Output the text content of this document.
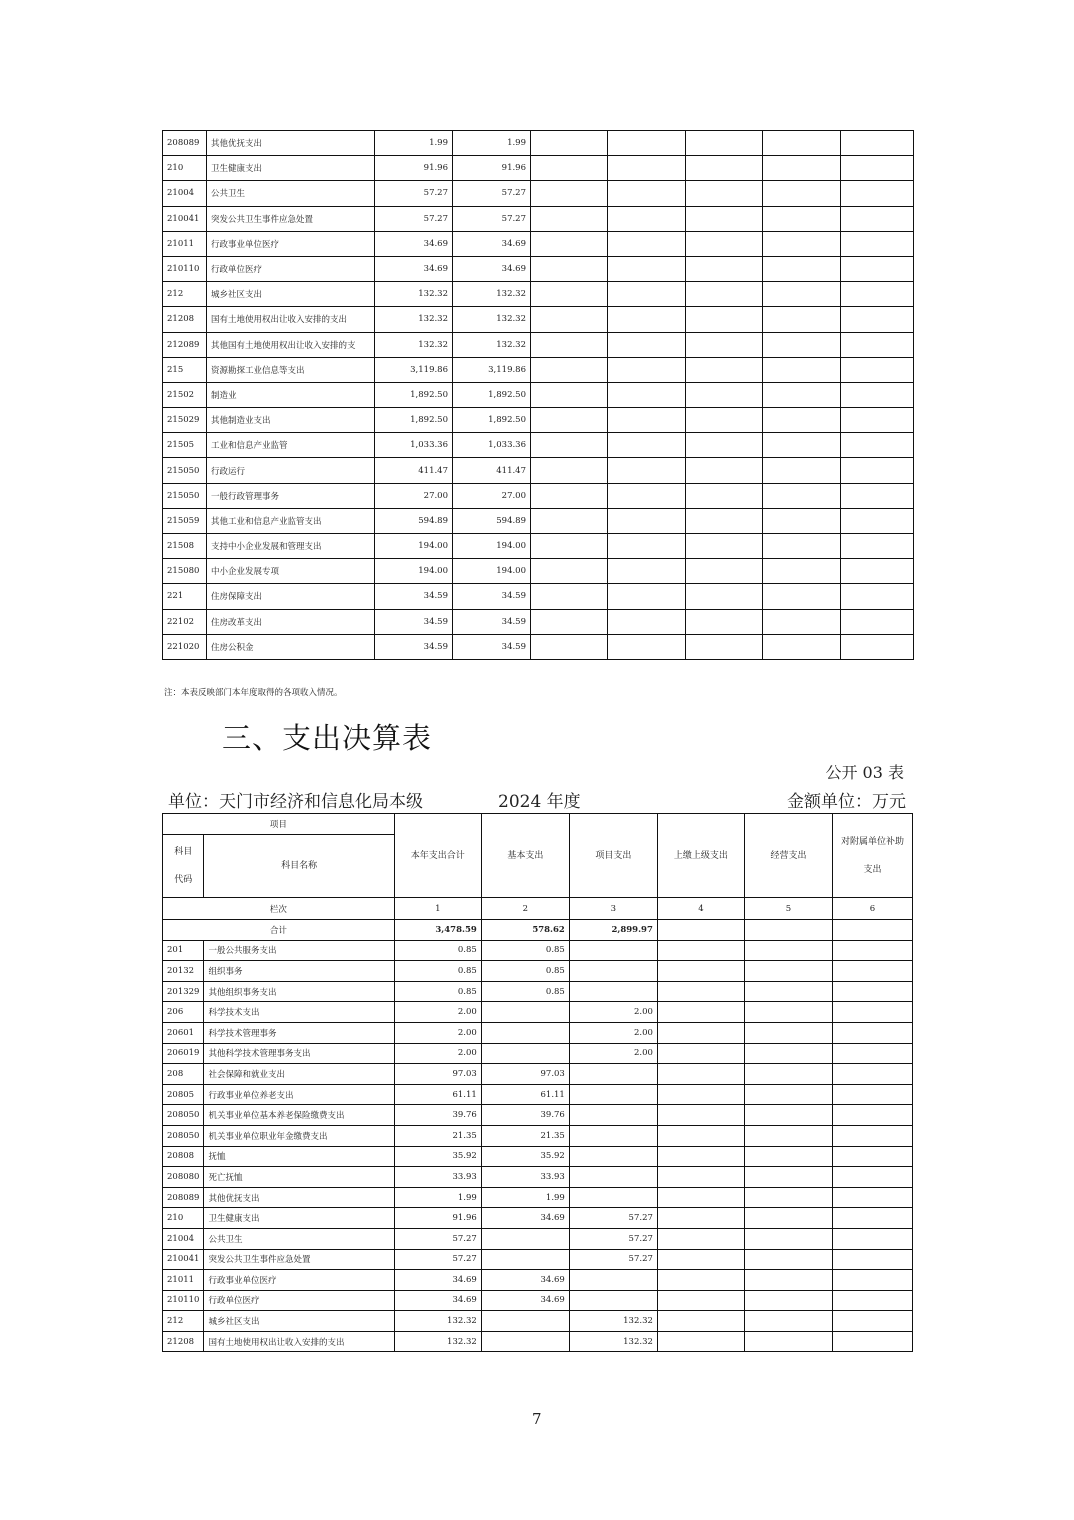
208089	其他优抚支出	1.99	1.99					
210	卫生健康支出	91.96	91.96					
21004	公共卫生	57.27	57.27					
210041	突发公共卫生事件应急处置	57.27	57.27					
21011	行政事业单位医疗	34.69	34.69					
210110	行政单位医疗	34.69	34.69					
212	城乡社区支出	132.32	132.32					
21208	国有土地使用权出让收入安排的支出	132.32	132.32					
212089	其他国有土地使用权出让收入安排的支	132.32	132.32					
215	资源勘探工业信息等支出	3,119.86	3,119.86					
21502	制造业	1,892.50	1,892.50					
215029	其他制造业支出	1,892.50	1,892.50					
21505	工业和信息产业监管	1,033.36	1,033.36					
215050	行政运行	411.47	411.47					
215050	一般行政管理事务	27.00	27.00					
215059	其他工业和信息产业监管支出	594.89	594.89					
21508	支持中小企业发展和管理支出	194.00	194.00					
215080	中小企业发展专项	194.00	194.00					
221	住房保障支出	34.59	34.59					
22102	住房改革支出	34.59	34.59					
221020	住房公积金	34.59	34.59					
注：本表反映部门本年度取得的各项收入情况。
三、支出决算表
公开 03 表
单位：天门市经济和信息化局本级	2024 年度	金额单位：万元
项目		本年支出合计	基本支出	项目支出	上缴上级支出	经营支出	对附属单位补助支出
科目代码	科目名称						
栏次		1	2	3	4	5	6
合计		3,478.59	578.62	2,899.97			
201	一般公共服务支出	0.85	0.85				
20132	组织事务	0.85	0.85				
201329	其他组织事务支出	0.85	0.85				
206	科学技术支出	2.00		2.00			
20601	科学技术管理事务	2.00		2.00			
206019	其他科学技术管理事务支出	2.00		2.00			
208	社会保障和就业支出	97.03	97.03				
20805	行政事业单位养老支出	61.11	61.11				
208050	机关事业单位基本养老保险缴费支出	39.76	39.76				
208050	机关事业单位职业年金缴费支出	21.35	21.35				
20808	抚恤	35.92	35.92				
208080	死亡抚恤	33.93	33.93				
208089	其他优抚支出	1.99	1.99				
210	卫生健康支出	91.96	34.69	57.27			
21004	公共卫生	57.27		57.27			
210041	突发公共卫生事件应急处置	57.27		57.27			
21011	行政事业单位医疗	34.69	34.69				
210110	行政单位医疗	34.69	34.69				
212	城乡社区支出	132.32		132.32			
21208	国有土地使用权出让收入安排的支出	132.32		132.32			
7
